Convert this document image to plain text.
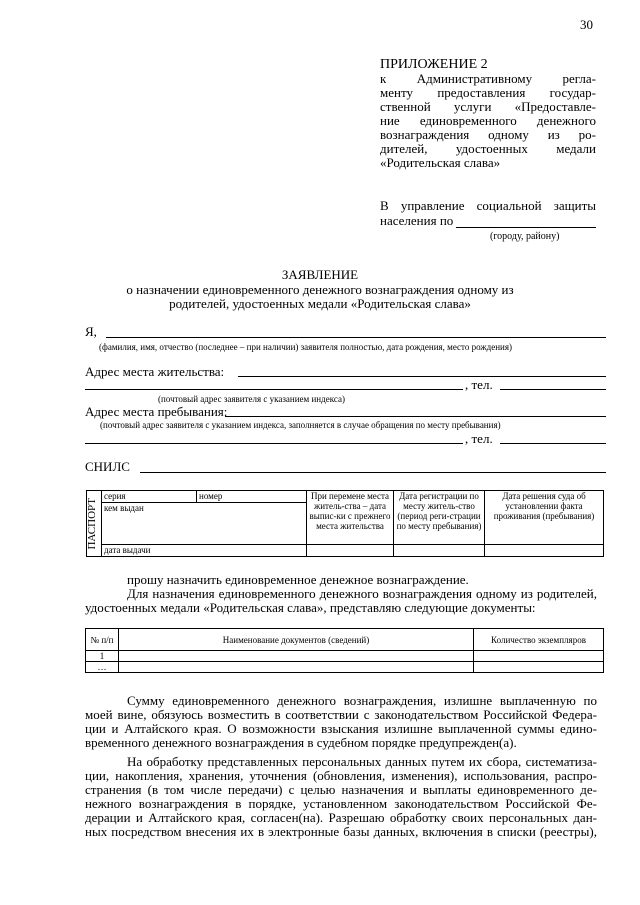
30
ПРИЛОЖЕНИЕ 2
к Административному регла-
менту предоставления государ-
ственной услуги «Предоставле-
ние единовременного денежного
вознаграждения одному из ро-
дителей, удостоенных медали
«Родительская слава»
В управление социальной защиты
населения по
(городу, району)
ЗАЯВЛЕНИЕ
о назначении единовременного денежного вознаграждения одному из
родителей, удостоенных медали «Родительская слава»
Я,
(фамилия, имя, отчество (последнее – при наличии) заявителя полностью, дата рождения, место рождения)
Адрес места жительства:
, тел.
(почтовый адрес заявителя с указанием индекса)
Адрес места пребывания:
(почтовый адрес заявителя с указанием индекса, заполняется в случае обращения по месту пребывания)
, тел.
СНИЛС
ПАСПОРТ	серия	номер	При перемене места житель-ства – дата выпис-ки с прежнего места жительства	Дата регистрации по месту житель-ство (период реги-страции по месту пребывания)	Дата решения суда об установлении факта проживания (пребывания)
	кем выдан				
	дата выдачи				
прошу назначить единовременное денежное вознаграждение.
Для назначения единовременного денежного вознаграждения одному из родителей,
удостоенных медали «Родительская слава», представляю следующие документы:
№ п/п	Наименование документов (сведений)	Количество экземпляров
1		
…		
Сумму единовременного денежного вознаграждения, излишне выплаченную по
моей вине, обязуюсь возместить в соответствии с законодательством Российской Федера-
ции и Алтайского края. О возможности взыскания излишне выплаченной суммы едино-
временного денежного вознаграждения в судебном порядке предупрежден(а).
На обработку представленных персональных данных путем их сбора, систематиза-
ции, накопления, хранения, уточнения (обновления, изменения), использования, распро-
странения (в том числе передачи) с целью назначения и выплаты единовременного де-
нежного вознаграждения в порядке, установленном законодательством Российской Фе-
дерации и Алтайского края, согласен(на). Разрешаю обработку своих персональных дан-
ных посредством внесения их в электронные базы данных, включения в списки (реестры),
